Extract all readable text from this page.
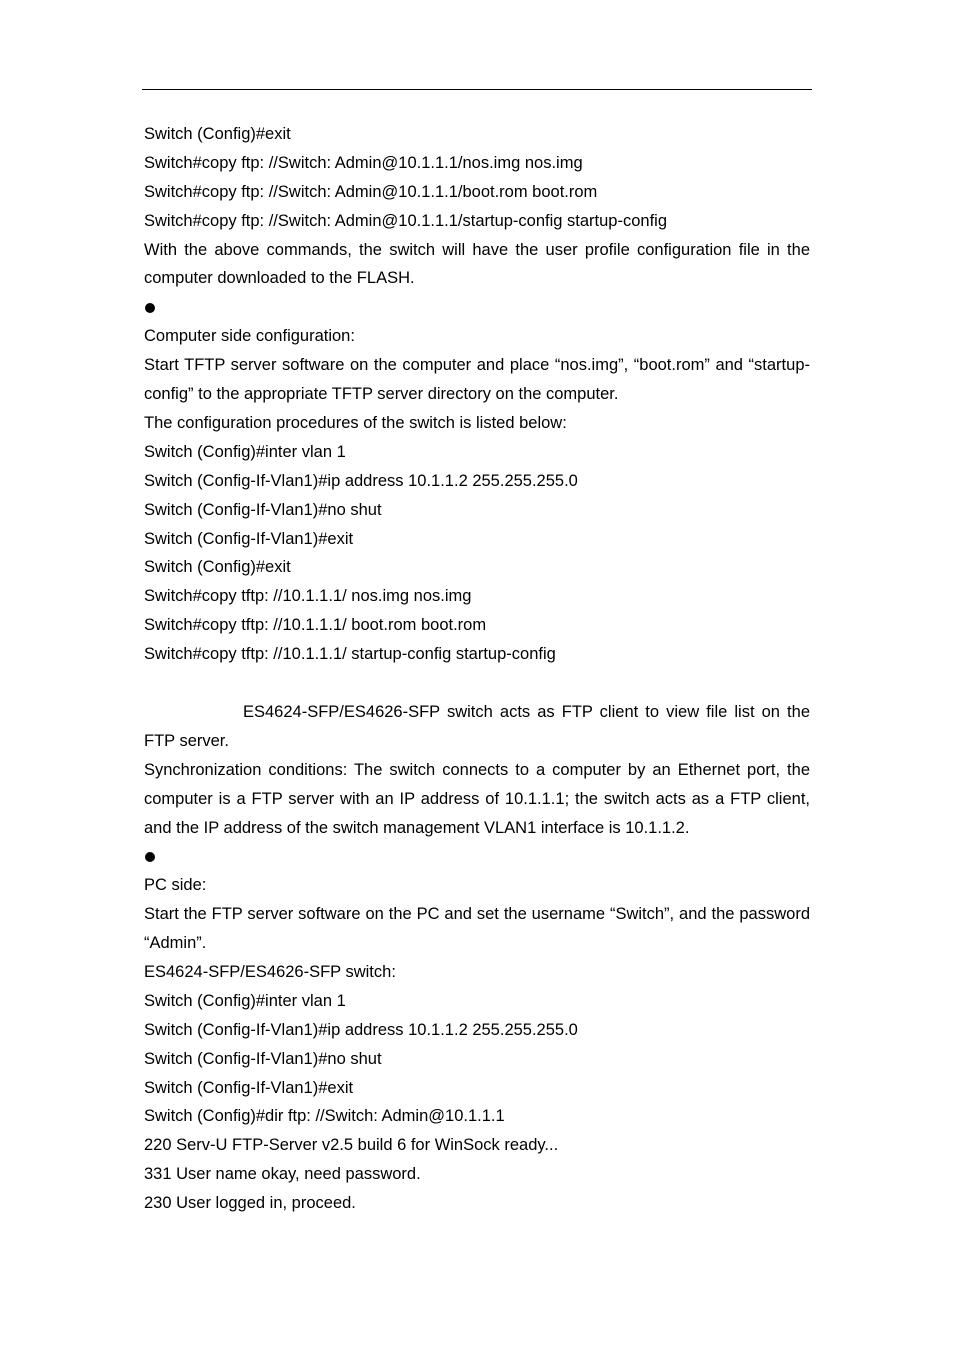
Switch (Config)#exit

Switch#copy ftp: //Switch: Admin@10.1.1.1/nos.img nos.img

Switch#copy ftp: //Switch: Admin@10.1.1.1/boot.rom boot.rom

Switch#copy ftp: //Switch: Admin@10.1.1.1/startup-config startup-config

With the above commands, the switch will have the user profile configuration file in the computer downloaded to the FLASH.

Computer side configuration:

Start TFTP server software on the computer and place “nos.img”, “boot.rom” and “startup-config” to the appropriate TFTP server directory on the computer.

The configuration procedures of the switch is listed below:

Switch (Config)#inter vlan 1

Switch (Config-If-Vlan1)#ip address 10.1.1.2 255.255.255.0

Switch (Config-If-Vlan1)#no shut

Switch (Config-If-Vlan1)#exit

Switch (Config)#exit

Switch#copy tftp: //10.1.1.1/ nos.img nos.img

Switch#copy tftp: //10.1.1.1/ boot.rom boot.rom

Switch#copy tftp: //10.1.1.1/ startup-config startup-config

ES4624-SFP/ES4626-SFP switch acts as FTP client to view file list on the FTP server.

Synchronization conditions: The switch connects to a computer by an Ethernet port, the computer is a FTP server with an IP address of 10.1.1.1; the switch acts as a FTP client, and the IP address of the switch management VLAN1 interface is 10.1.1.2.

PC side:

Start the FTP server software on the PC and set the username “Switch”, and the password “Admin”.

ES4624-SFP/ES4626-SFP switch:

Switch (Config)#inter vlan 1

Switch (Config-If-Vlan1)#ip address 10.1.1.2 255.255.255.0

Switch (Config-If-Vlan1)#no shut

Switch (Config-If-Vlan1)#exit

Switch (Config)#dir ftp: //Switch: Admin@10.1.1.1

220 Serv-U FTP-Server v2.5 build 6 for WinSock ready...

331 User name okay, need password.

230 User logged in, proceed.
